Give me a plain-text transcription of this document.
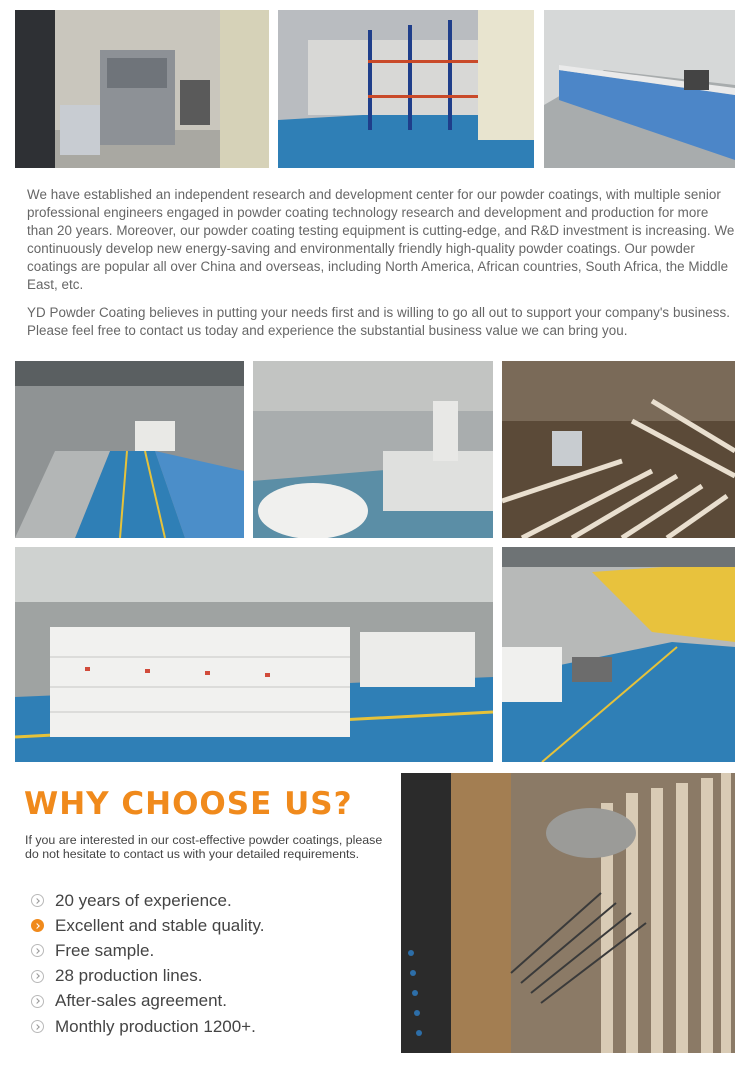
We have established an independent research and development center for our powder coatings, with multiple senior professional engineers engaged in powder coating technology research and development and production for more than 20 years. Moreover, our powder coating testing equipment is cutting-edge, and R&D investment is increasing. We continuously develop new energy-saving and environmentally friendly high-quality powder coatings. Our powder coatings are popular all over China and overseas, including North America, African countries, South Africa, the Middle East, etc.

YD Powder Coating believes in putting your needs first and is willing to go all out to support your company's business. Please feel free to contact us today and experience the substantial business value we can bring you.

WHY CHOOSE US?

If you are interested in our cost-effective powder coatings, please do not hesitate to contact us with your detailed requirements.

20 years of experience.
Excellent and stable quality.
Free sample.
28 production lines.
After-sales agreement.
Monthly production 1200+.
